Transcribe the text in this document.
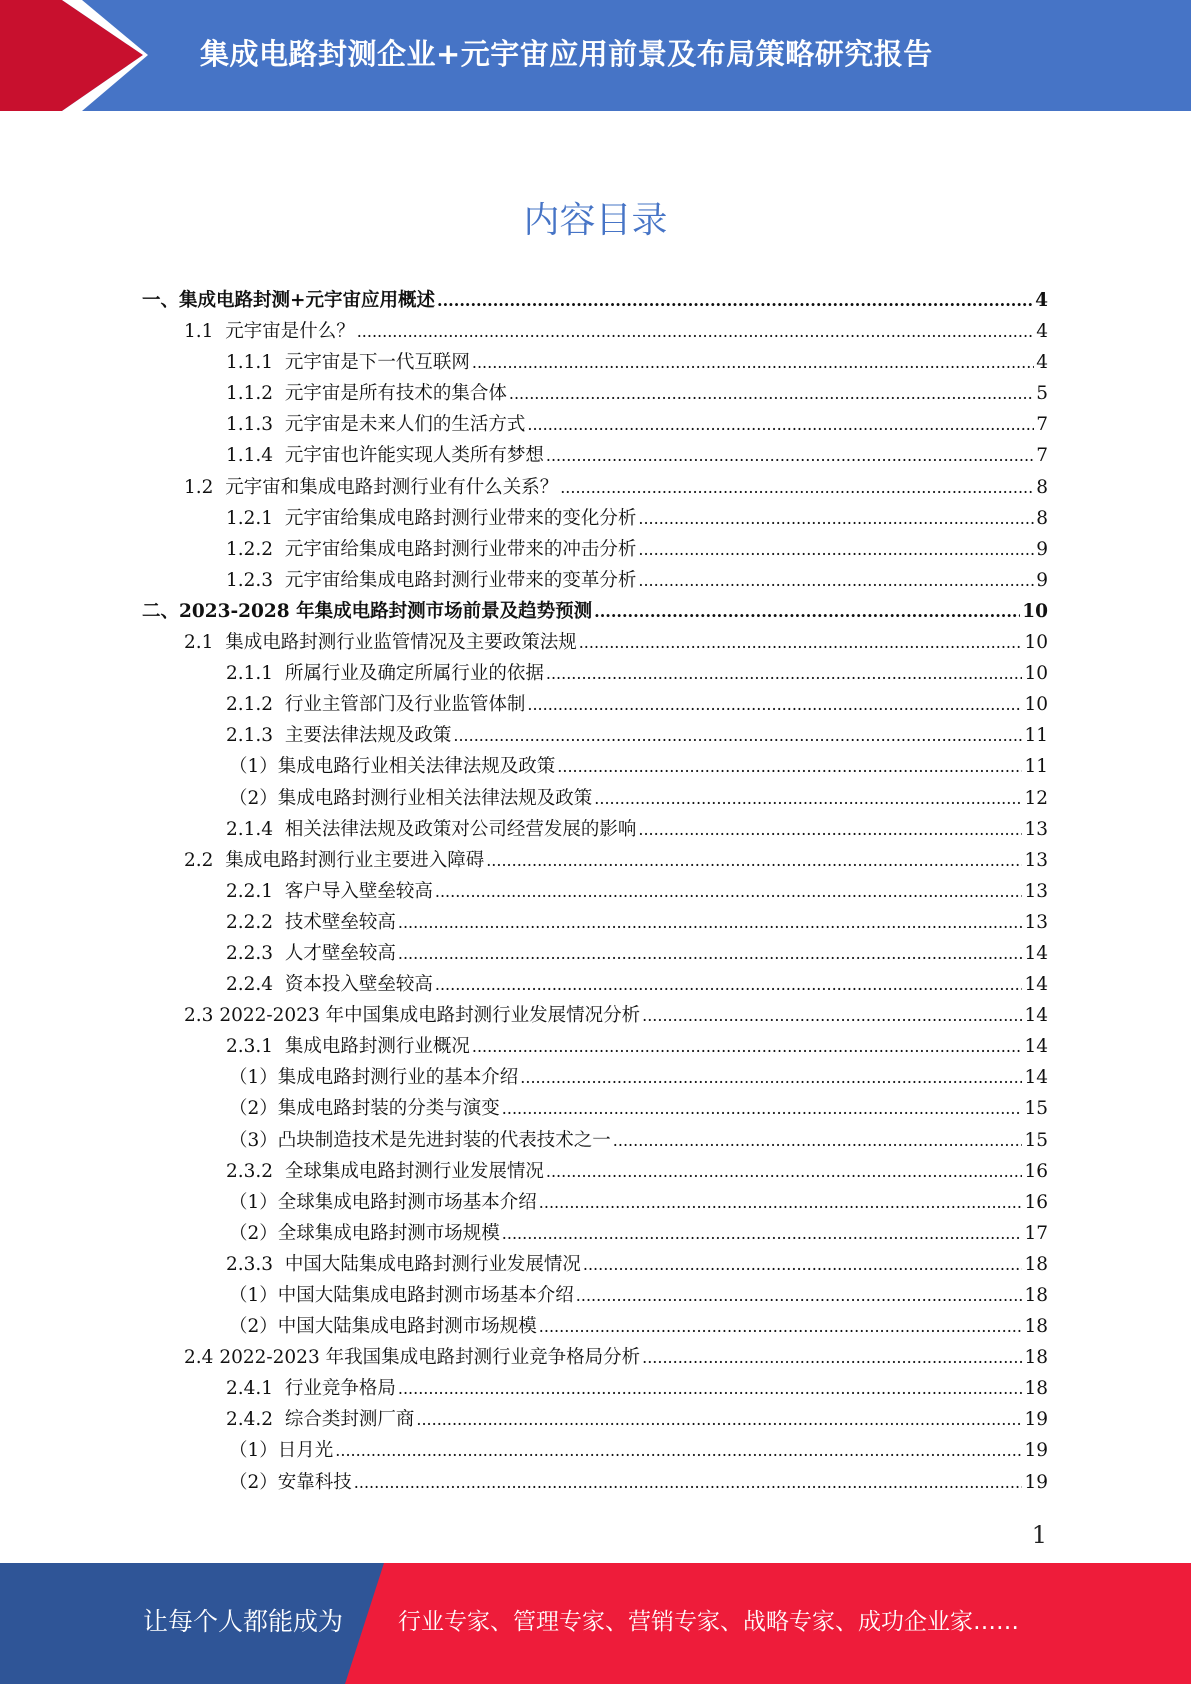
集成电路封测企业+元宇宙应用前景及布局策略研究报告
内容目录
一、 集成电路封测+元宇宙应用概述 .....	4
1.1 元宇宙是什么？ .....	4
1.1.1 元宇宙是下一代互联网 .....	4
1.1.2 元宇宙是所有技术的集合体 .....	5
1.1.3 元宇宙是未来人们的生活方式 .....	7
1.1.4 元宇宙也许能实现人类所有梦想 .....	7
1.2 元宇宙和集成电路封测行业有什么关系？ .....	8
1.2.1 元宇宙给集成电路封测行业带来的变化分析 .....	8
1.2.2 元宇宙给集成电路封测行业带来的冲击分析 .....	9
1.2.3 元宇宙给集成电路封测行业带来的变革分析 .....	9
二、 2023-2028 年集成电路封测市场前景及趋势预测 .....	10
2.1 集成电路封测行业监管情况及主要政策法规 .....	10
2.1.1 所属行业及确定所属行业的依据 .....	10
2.1.2 行业主管部门及行业监管体制 .....	10
2.1.3 主要法律法规及政策 .....	11
（1） 集成电路行业相关法律法规及政策 .....	11
（2） 集成电路封测行业相关法律法规及政策 .....	12
2.1.4 相关法律法规及政策对公司经营发展的影响 .....	13
2.2 集成电路封测行业主要进入障碍 .....	13
2.2.1 客户导入壁垒较高 .....	13
2.2.2 技术壁垒较高 .....	13
2.2.3 人才壁垒较高 .....	14
2.2.4 资本投入壁垒较高 .....	14
2.3 2022-2023 年中国集成电路封测行业发展情况分析 .....	14
2.3.1 集成电路封测行业概况 .....	14
（1） 集成电路封测行业的基本介绍 .....	14
（2） 集成电路封装的分类与演变 .....	15
（3） 凸块制造技术是先进封装的代表技术之一 .....	15
2.3.2 全球集成电路封测行业发展情况 .....	16
（1） 全球集成电路封测市场基本介绍 .....	16
（2） 全球集成电路封测市场规模 .....	17
2.3.3 中国大陆集成电路封测行业发展情况 .....	18
（1） 中国大陆集成电路封测市场基本介绍 .....	18
（2） 中国大陆集成电路封测市场规模 .....	18
2.4 2022-2023 年我国集成电路封测行业竞争格局分析 .....	18
2.4.1 行业竞争格局 .....	18
2.4.2 综合类封测厂商 .....	19
（1） 日月光 .....	19
（2） 安靠科技 .....	19
1
让每个人都能成为 行业专家、管理专家、营销专家、战略专家、成功企业家……
